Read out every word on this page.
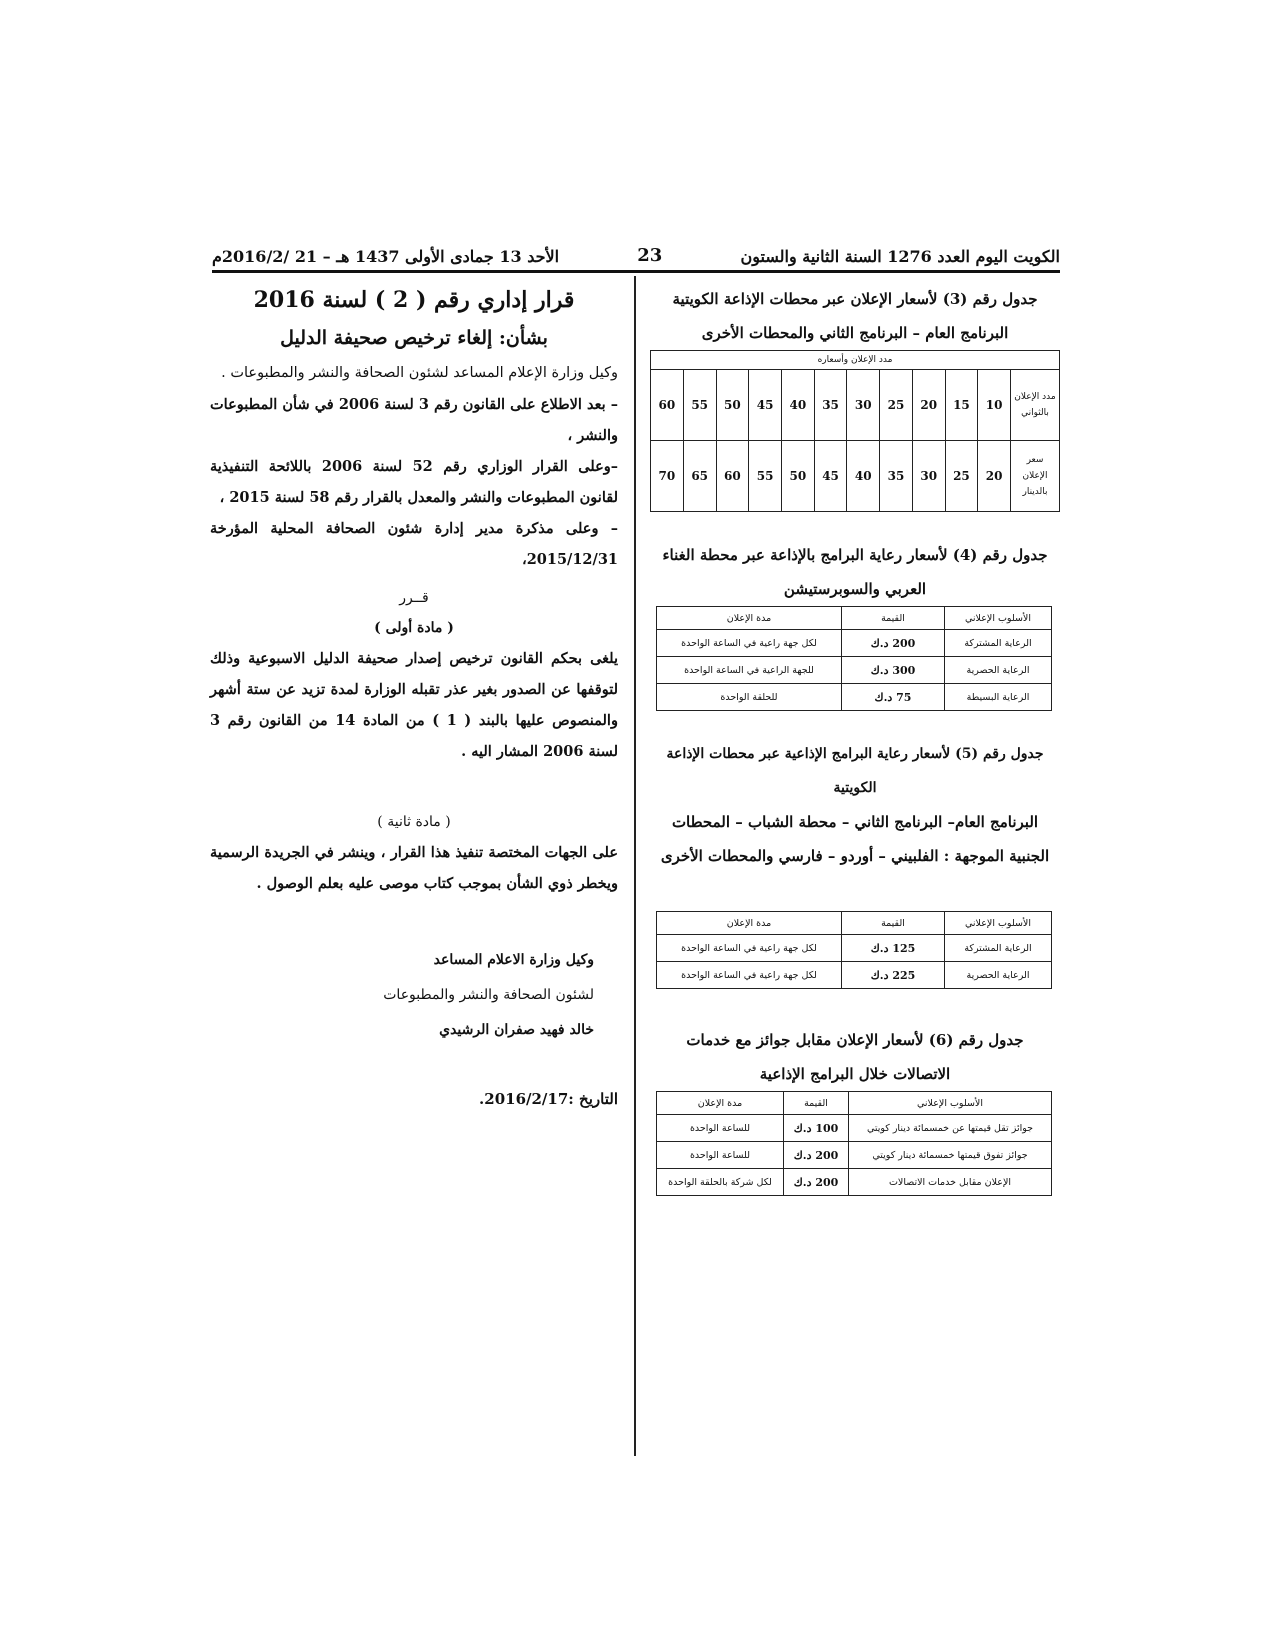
الكويت اليوم العدد 1276 السنة الثانية والستون
23
الأحد 13 جمادى الأولى 1437 هـ – 21 /2016/2م
جدول رقم (3) لأسعار الإعلان عبر محطات الإذاعة الكويتية
البرنامج العام – البرنامج الثاني والمحطات الأخرى
مدد الإعلان وأسعاره											
مدد الإعلان بالثواني	10	15	20	25	30	35	40	45	50	55	60
سعر الإعلان بالدينار	20	25	30	35	40	45	50	55	60	65	70
جدول رقم (4) لأسعار رعاية البرامج بالإذاعة عبر محطة الغناء
العربي والسوبرستيشن
الأسلوب الإعلاني	القيمة	مدة الإعلان
الرعاية المشتركة	200 د.ك	لكل جهة راعية في الساعة الواحدة
الرعاية الحصرية	300 د.ك	للجهة الراعية في الساعة الواحدة
الرعاية البسيطة	75 د.ك	للحلقة الواحدة
جدول رقم (5) لأسعار رعاية البرامج الإذاعية عبر محطات الإذاعة الكويتية
البرنامج العام– البرنامج الثاني – محطة الشباب – المحطات
الجنبية الموجهة : الفلبيني – أوردو – فارسي والمحطات الأخرى
الأسلوب الإعلاني	القيمة	مدة الإعلان
الرعاية المشتركة	125 د.ك	لكل جهة راعية في الساعة الواحدة
الرعاية الحصرية	225 د.ك	لكل جهة راعية في الساعة الواحدة
جدول رقم (6) لأسعار الإعلان مقابل جوائز مع خدمات
الاتصالات خلال البرامج الإذاعية
الأسلوب الإعلاني	القيمة	مدة الإعلان
جوائز تقل قيمتها عن خمسمائة دينار كويتي	100 د.ك	للساعة الواحدة
جوائز تفوق قيمتها خمسمائة دينار كويتي	200 د.ك	للساعة الواحدة
الإعلان مقابل خدمات الاتصالات	200 د.ك	لكل شركة بالحلقة الواحدة
قرار إداري رقم ( 2 ) لسنة 2016
بشأن: إلغاء ترخيص صحيفة الدليل
وكيل وزارة الإعلام المساعد لشئون الصحافة والنشر والمطبوعات .
– بعد الاطلاع على القانون رقم 3 لسنة 2006 في شأن المطبوعات والنشر ،
–وعلى القرار الوزاري رقم 52 لسنة 2006 باللائحة التنفيذية لقانون المطبوعات والنشر والمعدل بالقرار رقم 58 لسنة 2015 ،
– وعلى مذكرة مدير إدارة شئون الصحافة المحلية المؤرخة 2015/12/31،
قــرر
( مادة أولى )
يلغى بحكم القانون ترخيص إصدار صحيفة الدليل الاسبوعية وذلك لتوقفها عن الصدور بغير عذر تقبله الوزارة لمدة تزيد عن ستة أشهر والمنصوص عليها بالبند ( 1 ) من المادة 14 من القانون رقم 3 لسنة 2006 المشار اليه .
( مادة ثانية )
على الجهات المختصة تنفيذ هذا القرار ، وينشر في الجريدة الرسمية ويخطر ذوي الشأن بموجب كتاب موصى عليه بعلم الوصول .
وكيل وزارة الاعلام المساعد
لشئون الصحافة والنشر والمطبوعات
خالد فهيد صفران الرشيدي
التاريخ :2016/2/17.
